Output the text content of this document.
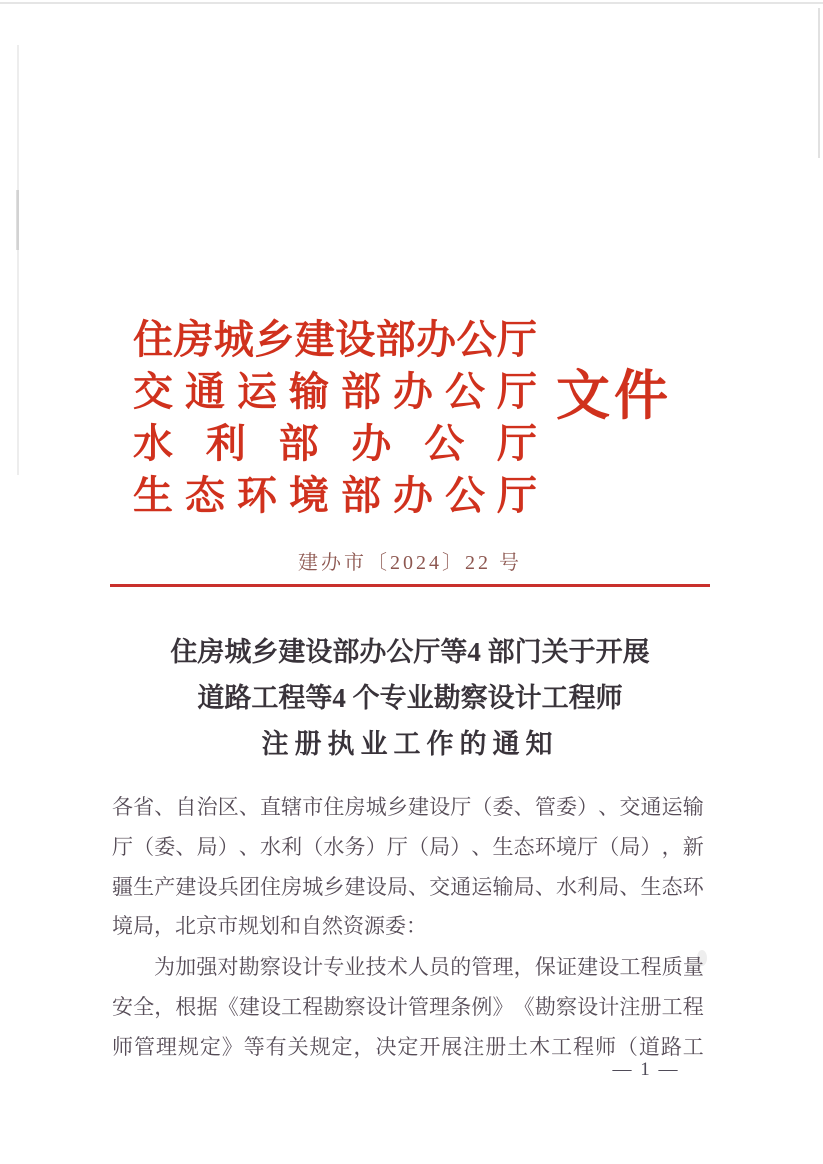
住 房 城 乡 建 设 部 办 公 厅
交 通 运 输 部 办 公 厅
水 利 部 办 公 厅
生 态 环 境 部 办 公 厅
文件
建办市〔2024〕22 号
住房城乡建设部办公厅等4 部门关于开展
道路工程等4 个专业勘察设计工程师
注册执业工作的通知
各 省 、 自 治 区 、 直 辖 市 住 房 城 乡 建 设 厅 （ 委 、 管 委 ） 、 交 通 运 输
厅 （ 委 、 局 ） 、 水 利 （ 水 务 ） 厅 （ 局 ） 、 生 态 环 境 厅 （ 局 ） ， 新
疆 生 产 建 设 兵 团 住 房 城 乡 建 设 局 、 交 通 运 输 局 、 水 利 局 、 生 态 环
境局，北京市规划和自然资源委：
为 加 强 对 勘 察 设 计 专 业 技 术 人 员 的 管 理 ， 保 证 建 设 工 程 质 量
安 全 ， 根 据 《 建 设 工 程 勘 察 设 计 管 理 条 例 》 《 勘 察 设 计 注 册 工 程
师 管 理 规 定 》 等 有 关 规 定 ， 决 定 开 展 注 册 土 木 工 程 师 （ 道 路 工
— 1 —
